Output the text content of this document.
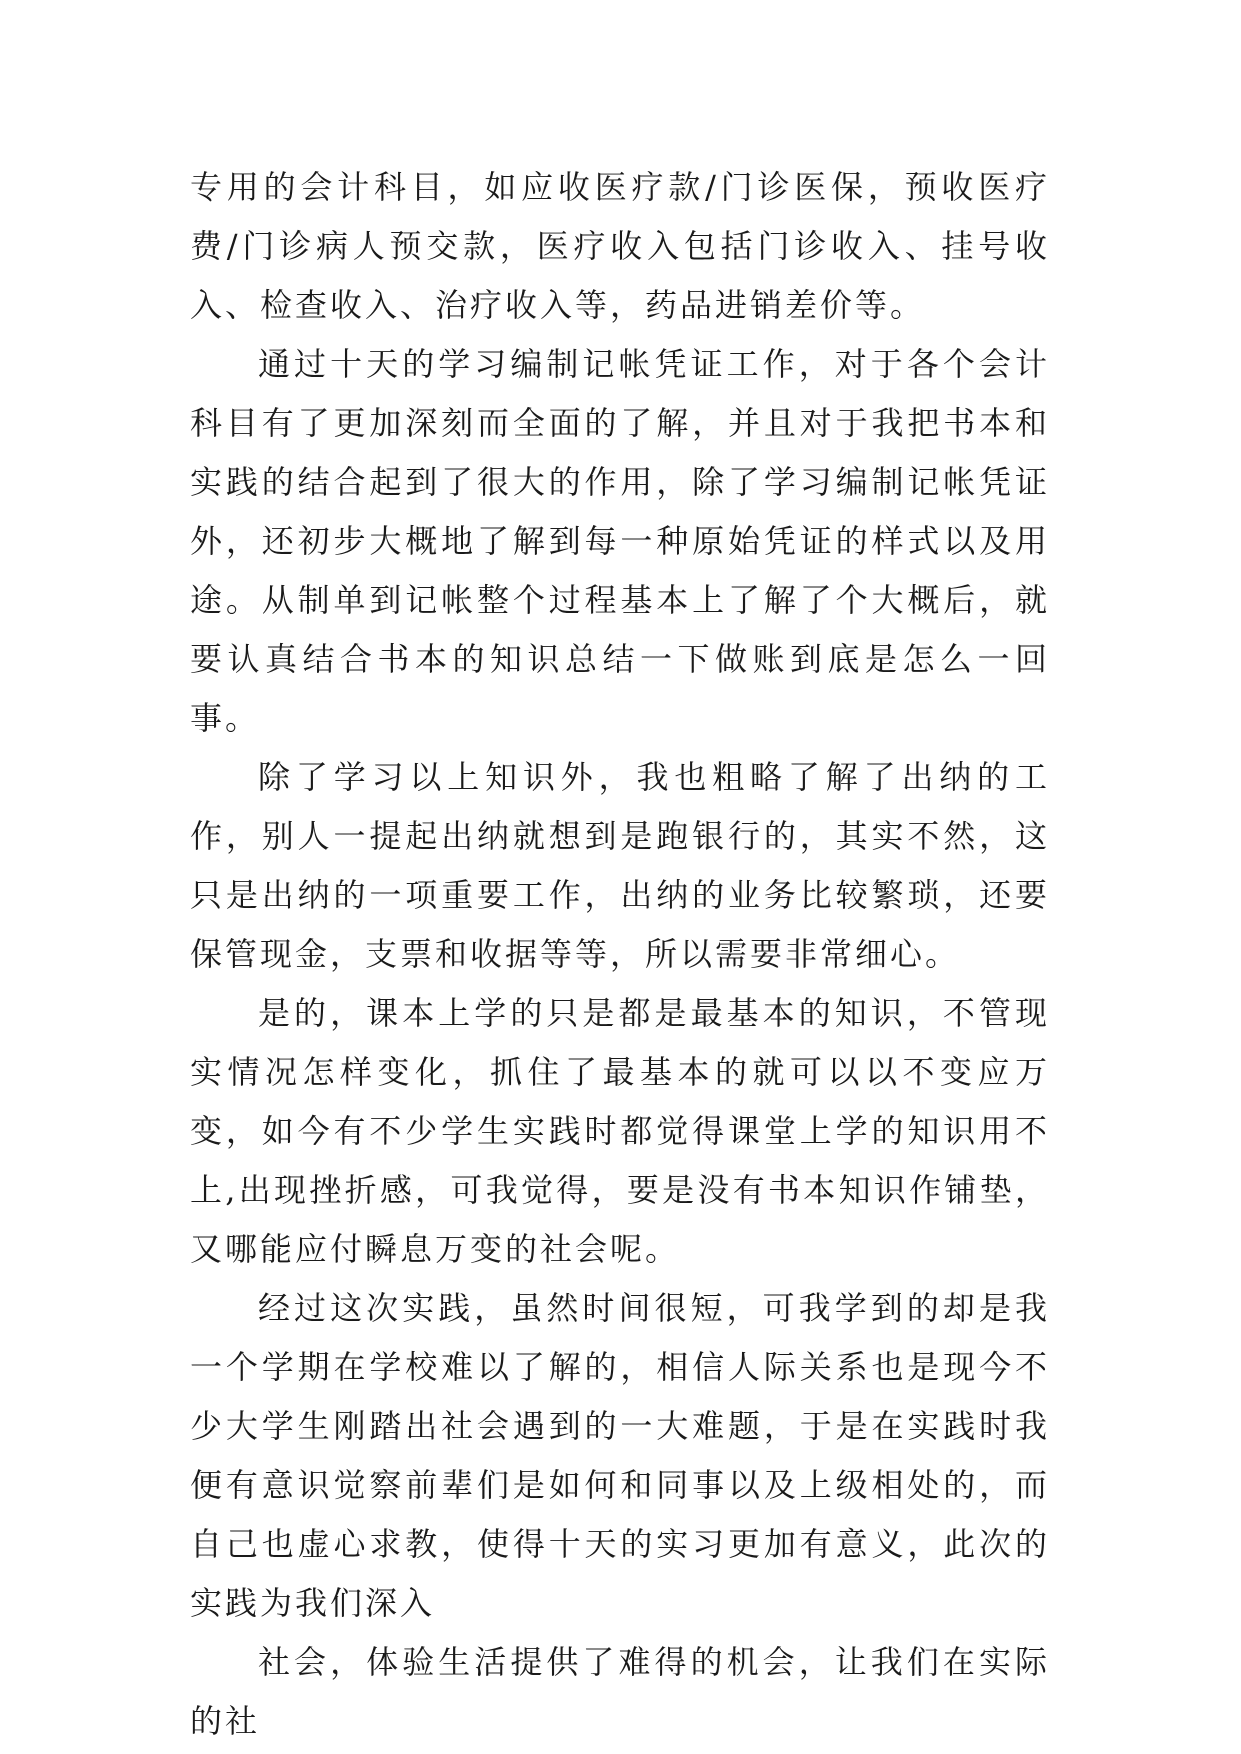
专用的会计科目，如应收医疗款/门诊医保，预收医疗费/门诊病人预交款，医疗收入包括门诊收入、挂号收入、检查收入、治疗收入等，药品进销差价等。

通过十天的学习编制记帐凭证工作，对于各个会计科目有了更加深刻而全面的了解，并且对于我把书本和实践的结合起到了很大的作用，除了学习编制记帐凭证外，还初步大概地了解到每一种原始凭证的样式以及用途。从制单到记帐整个过程基本上了解了个大概后，就要认真结合书本的知识总结一下做账到底是怎么一回事。

除了学习以上知识外，我也粗略了解了出纳的工作，别人一提起出纳就想到是跑银行的，其实不然，这只是出纳的一项重要工作，出纳的业务比较繁琐，还要保管现金，支票和收据等等，所以需要非常细心。

是的，课本上学的只是都是最基本的知识，不管现实情况怎样变化，抓住了最基本的就可以以不变应万变，如今有不少学生实践时都觉得课堂上学的知识用不上,出现挫折感，可我觉得，要是没有书本知识作铺垫，又哪能应付瞬息万变的社会呢。

经过这次实践，虽然时间很短，可我学到的却是我一个学期在学校难以了解的，相信人际关系也是现今不少大学生刚踏出社会遇到的一大难题，于是在实践时我便有意识觉察前辈们是如何和同事以及上级相处的，而自己也虚心求教，使得十天的实习更加有意义，此次的实践为我们深入

社会，体验生活提供了难得的机会，让我们在实际的社
